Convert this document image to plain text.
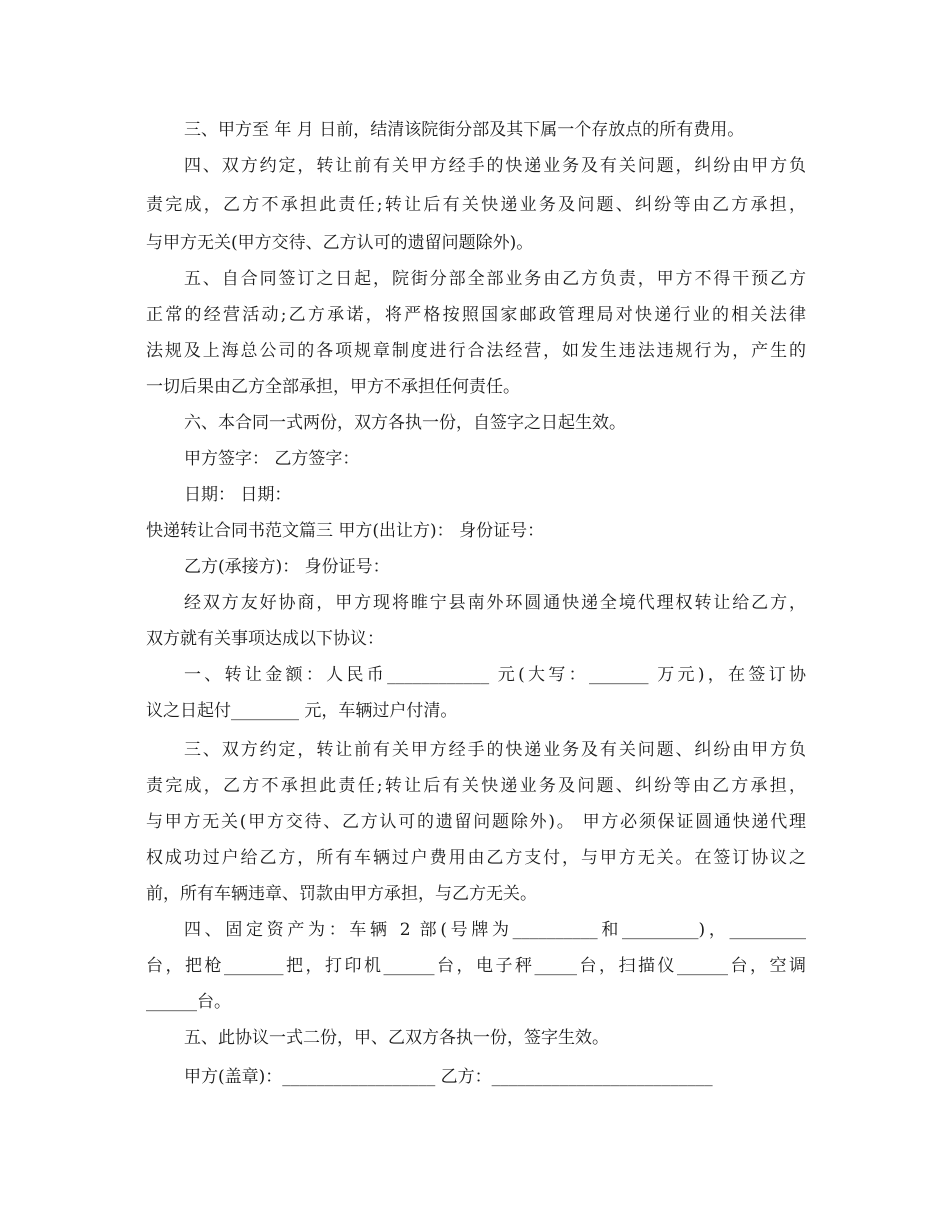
三、甲方至 年 月 日前，结清该院街分部及其下属一个存放点的所有费用。
四、双方约定，转让前有关甲方经手的快递业务及有关问题，纠纷由甲方负
责完成，乙方不承担此责任;转让后有关快递业务及问题、纠纷等由乙方承担，
与甲方无关(甲方交待、乙方认可的遗留问题除外)。
五、自合同签订之日起，院街分部全部业务由乙方负责，甲方不得干预乙方
正常的经营活动;乙方承诺，将严格按照国家邮政管理局对快递行业的相关法律
法规及上海总公司的各项规章制度进行合法经营，如发生违法违规行为，产生的
一切后果由乙方全部承担，甲方不承担任何责任。
六、本合同一式两份，双方各执一份，自签字之日起生效。
甲方签字： 乙方签字：
日期： 日期：
快递转让合同书范文篇三 甲方(出让方)： 身份证号：
乙方(承接方)： 身份证号：
经双方友好协商，甲方现将睢宁县南外环圆通快递全境代理权转让给乙方，
双方就有关事项达成以下协议：
一、转让金额：人民币____________ 元(大写：_______ 万元)，在签订协
议之日起付________ 元，车辆过户付清。
三、双方约定，转让前有关甲方经手的快递业务及有关问题、纠纷由甲方负
责完成，乙方不承担此责任;转让后有关快递业务及问题、纠纷等由乙方承担，
与甲方无关(甲方交待、乙方认可的遗留问题除外)。 甲方必须保证圆通快递代理
权成功过户给乙方，所有车辆过户费用由乙方支付，与甲方无关。在签订协议之
前，所有车辆违章、罚款由甲方承担，与乙方无关。
四、固定资产为：车辆 2 部(号牌为__________和_________)，_________
台，把枪_______把，打印机______台，电子秤_____台，扫描仪______台，空调
______台。
五、此协议一式二份，甲、乙双方各执一份，签字生效。
甲方(盖章)：__________________ 乙方：__________________________
